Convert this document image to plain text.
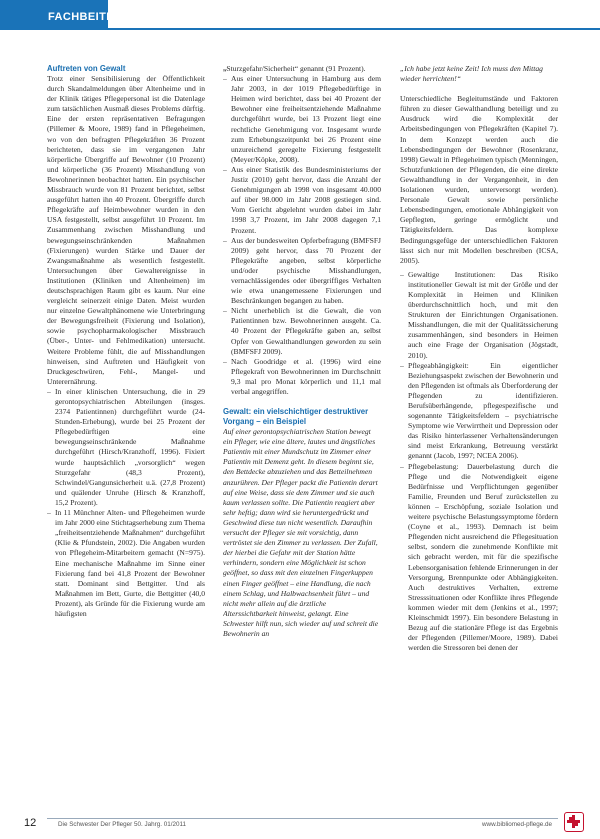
FACHBEITRAG
Auftreten von Gewalt

Trotz einer Sensibilisierung der Öffentlichkeit durch Skandalmeldungen über Altenheime und in der Klinik tätiges Pflegepersonal ist die Datenlage zum tatsächlichen Ausmaß dieses Problems dürftig. Eine der ersten repräsentativen Befragungen (Pillemer & Moore, 1989) fand in Pflegeheimen, wo von den befragten Pflegekräften 36 Prozent berichteten, dass sie im vergangenen Jahr körperliche Übergriffe auf Bewohner (10 Prozent) und körperliche (36 Prozent) Misshandlung von Bewohnerinnen beobachtet hatten. Ein psychischer Missbrauch wurde von 81 Prozent berichtet, selbst ausgeführt hatten ihn 40 Prozent. Übergriffe durch Pflegekräfte auf Heimbewohner wurden in den USA festgestellt, selbst ausgeführt 10 Prozent. Im Zusammenhang zwischen Misshandlung und bewegungseinschränkenden Maßnahmen (Fixierungen) wurden Stärke und Dauer der Zwangsmaßnahme als wesentlich festgestellt. Untersuchungen über Gewaltereignisse in Institutionen (Kliniken und Altenheimen) im deutschsprachigen Raum gibt es kaum. Nur eine vergleicht seinerzeit einige Daten. Meist wurden nur einzelne Gewaltphänomene wie Unterbringung der Bewegungsfreiheit (Fixierung und Isolation), sowie psychopharmakologischer Missbrauch (Über-, Unter- und Fehlmedikation) untersucht. Weitere Probleme fühlt, die auf Misshandlungen hinweisen, sind Auftreten und Häufigkeit von Druckgeschwüren, Fehl-, Mangel- und Unterernährung.

– In einer klinischen Untersuchung, die in 29 gerontopsychiatrischen Abteilungen (insges. 2374 Patientinnen) durchgeführt wurde (24-Stunden-Erhebung), wurde bei 25 Prozent der Pflegebedürftigen eine bewegungseinschränkende Maßnahme durchgeführt (Hirsch/Kranzhoff, 1996). Fixiert wurde hauptsächlich „vorsorglich“ wegen Sturzgefahr (48,3 Prozent), Schwindel/Gangunsicherheit u.ä. (27,8 Prozent) und quälender Unruhe (Hirsch & Kranzhoff, 15,2 Prozent).
– In 11 Münchner Alten- und Pflegeheimen wurde im Jahr 2000 eine Stichtagserhebung zum Thema „freiheitsentziehende Maßnahmen“ durchgeführt (Klie & Pfundstein, 2002). Die Angaben wurden von Pflegeheim-Mitarbeitern gemacht (N=975). Eine mechanische Maßnahme im Sinne einer Fixierung fand bei 41,8 Prozent der Bewohner statt. Dominant sind Bettgitter. Und als Maßnahmen im Bett, Gurte, die Bettgitter (40,0 Prozent), als Gründe für die Fixierung wurde am häufigsten
– „Sturzgefahr/Sicherheit“ genannt (91 Prozent).
– Aus einer Untersuchung in Hamburg aus dem Jahr 2003, in der 1019 Pflegebedürftige in Heimen wird berichtet, dass bei 40 Prozent der Bewohner eine freiheitsentziehende Maßnahme durchgeführt wurde, bei 13 Prozent liegt eine rechtliche Genehmigung vor. Insgesamt wurde zum Erhebungszeitpunkt bei 26 Prozent eine unzureichend geregelte Fixierung festgestellt (Meyer/Köpke, 2008).
– Aus einer Statistik des Bundesministeriums der Justiz (2010) geht hervor, dass die Anzahl der Genehmigungen ab 1998 von insgesamt 40.000 auf über 98.000 im Jahr 2008 gestiegen sind. Vom Gericht abgelehnt wurden dabei im Jahr 1998 3,7 Prozent, im Jahr 2008 dagegen 7,1 Prozent.
– Aus der bundesweiten Opferbefragung (BMFSFJ 2009) geht hervor, dass 70 Prozent der Pflegekräfte angeben, selbst körperliche und/oder psychische Misshandlungen, vernachlässigendes oder übergriffiges Verhalten wie etwa unangemessene Fixierungen und Beschränkungen begangen zu haben.
– Nicht unerheblich ist die Gewalt, die von Patientinnen bzw. Bewohnerinnen ausgeht. Ca. 40 Prozent der Pflegekräfte gaben an, selbst Opfer von Gewalthandlungen geworden zu sein (BMFSFJ 2009).
– Nach Goodridge et al. (1996) wird eine Pflegekraft von Bewohnerinnen im Durchschnitt 9,3 mal pro Monat körperlich und 11,1 mal verbal angegriffen.
Gewalt: ein vielschichtiger destruktiver Vorgang – ein Beispiel

Auf einer gerontopsychiatrischen Station bewegt ein Pfleger, wie eine ältere, lautes und ängstliches Patientin mit einer Mundschutz im Zimmer einer Patientin mit Demenz geht. In diesem beginnt sie, den Bettdecke abzuziehen und das Betteilnehmen anzurühren. Der Pfleger packt die Patientin derart auf eine Weise, dass sie dem Zimmer und sie auch kaum verlassen sollte. Die Patientin reagiert aber sehr heftig; dann wird sie heruntergedrückt und Geschwind diese tun nicht wesentlich. Daraufhin versucht der Pfleger sie mit vorsichtig, dann vertröstet sie den Zimmer zu verlassen. Der Zufall, der hierbei die Gefahr mit der Station hätte verhindern, sondern eine Möglichkeit ist schon geöffnet, so dass mit den einzelnen Fingerkuppen einen Finger geöffnet – eine Handlung, die nach einem Schlag, und Halbwachsenheit führt – und nicht mehr allein auf die ärztliche Alterssichtbarkeit hinweist, gelangt. Eine Schwester hilft nun, sich wieder auf und schreit die Bewohnerin an

„Ich habe jetzt keine Zeit! Ich muss den Mittag wieder herrichten!“

Unterschiedliche Begleitumstände und Faktoren führen zu dieser Gewalthandlung beteiligt und zu Ausdruck wird die Komplexität der Arbeitsbedingungen von Pflegekräften (Kapitel 7). In dem Konzept werden auch die Lebensbedingungen der Bewohner (Rosenkranz, 1998) Gewalt in Pflegeheimen typisch (Menningen, Schutzfunktionen der Pflegenden, die eine direkte Gewalthandlung in der Vergangenheit, in den Isolationen wurden, unterversorgt werden). Personale Gewalt sowie persönliche Lebensbedingungen, emotionale Abhängigkeit von Gepflegten, geringe ermöglicht und Tätigkeitsfeldern. Das komplexe Bedingungsgefüge der unterschiedlichen Faktoren lässt sich nur mit Modellen beschreiben (ICSA, 2005).

– Gewaltige Institutionen: Das Risiko institutioneller Gewalt ist mit der Größe und der Komplexität in Heimen und Kliniken überdurchschnittlich hoch, und mit den Strukturen der Einrichtungen Organisationen. Misshandlungen, die mit der Qualitätssicherung zusammenhängen, sind besonders in Heimen auch eine Frage der Organisation (Jögstadt, 2010).
– Pflegeabhängigkeit: Ein eigentlicher Beziehungsaspekt zwischen der Bewohnerin und den Pflegenden ist oftmals als Überforderung der Pflegenden zu identifizieren. Berufsüberhängende, pflegespezifische und sogenannte Tätigkeitsfeldern – psychiatrische Symptome wie Verwirrtheit und Depression oder das Risiko hinterlassener Verhaltensänderungen sind meist Erkrankung, Betreuung verstärkt genannt (Jacob, 1997; NCEA 2006).
– Pflegebelastung: Dauerbelastung durch die Pflege und die Notwendigkeit eigene Bedürfnisse und Verpflichtungen gegenüber Familie, Freunden und Beruf zurückstellen zu können – Erschöpfung, soziale Isolation und weitere psychische Belastungssymptome fördern (Coyne et al., 1993). Demnach ist beim Pflegenden nicht ausreichend die Pflegesituation selbst, sondern die zunehmende Konflikte mit sich gebracht werden, mit für die spezifische Lebensorganisation fehlende Erinnerungen in der Versorgung, Brennpunkte oder Abhängigkeiten. Auch destruktives Verhalten, extreme Stresssituationen oder Konflikte ihres Pflegende kommen wieder mit dem (Jenkins et al., 1997; Kleinschmidt 1997). Ein besondere Belastung in Bezug auf die stationäre Pflege ist das Ergebnis der Pflegenden (Pillemer/Moore, 1989). Dabei werden die Stressoren bei denen der
12	Die Schwester Der Pfleger 50. Jahrg. 01/2011	www.bibliomed-pflege.de
